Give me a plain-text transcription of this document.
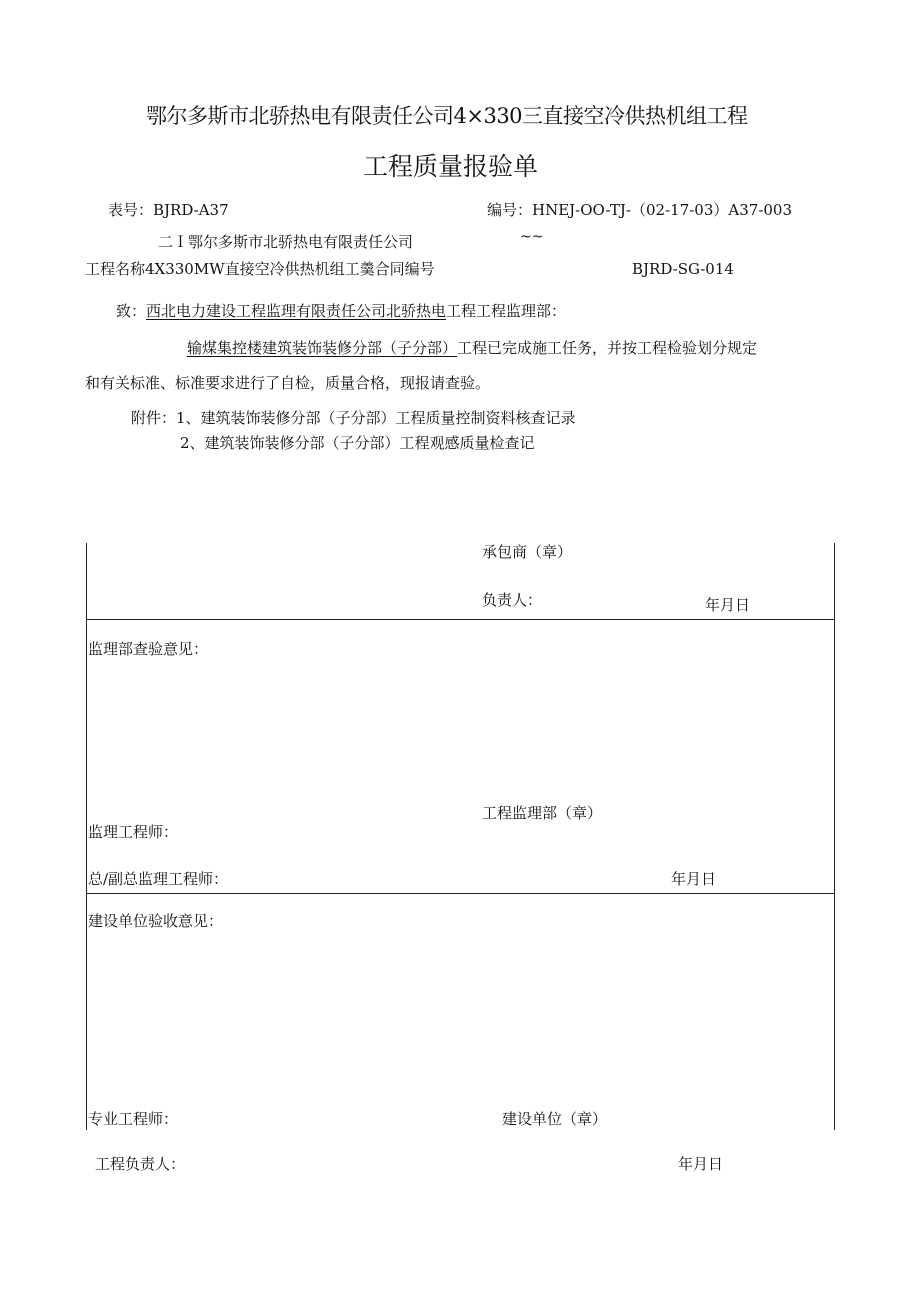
鄂尔多斯市北骄热电有限责任公司4×330三直接空冷供热机组工程
工程质量报验单
表号：BJRD-A37	编号：HNEJ-OO-TJ-（02-17-03）A37-003
二Ｉ鄂尔多斯市北骄热电有限责任公司	~~
工程名称4X330MW直接空冷供热机组工羹合同编号	BJRD-SG-014
致：西北电力建设工程监理有限责任公司北骄热电工程工程监理部：
输煤集控楼建筑装饰装修分部（子分部）工程已完成施工任务，并按工程检验划分规定
和有关标准、标准要求进行了自检，质量合格，现报请查验。
附件：1、建筑装饰装修分部（子分部）工程质量控制资料核查记录
2、建筑装饰装修分部（子分部）工程观感质量检查记
承包商（章）
负责人：	年月日
监理部查验意见：
工程监理部（章）
监理工程师：
总/副总监理工程师：	年月日
建设单位验收意见：
专业工程师：	建设单位（章）
工程负责人：	年月日
